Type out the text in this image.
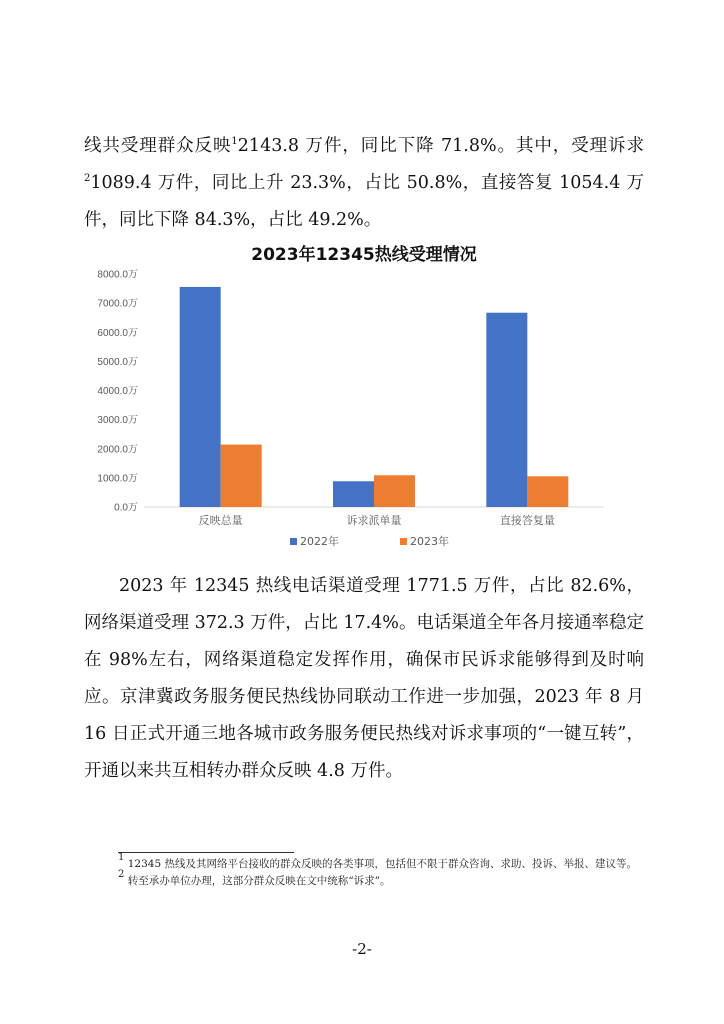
线共受理群众反映$^1$2143.8 万件，同比下降 71.8%。其中，受理诉求$^2$1089.4 万件，同比上升 23.3%，占比 50.8%，直接答复 1054.4 万件，同比下降 84.3%，占比 49.2%。

0.0万
1000.0万
2000.0万
3000.0万
4000.0万
5000.0万
6000.0万
7000.0万
8000.0万
反映总量	诉求派单量	直接答复量
2022年	2023年
2023年12345热线受理情况

2023 年 12345 热线电话渠道受理 1771.5 万件，占比 82.6%，网络渠道受理 372.3 万件，占比 17.4%。电话渠道全年各月接通率稳定在 98%左右，网络渠道稳定发挥作用，确保市民诉求能够得到及时响应。京津冀政务服务便民热线协同联动工作进一步加强，2023 年 8 月 16 日正式开通三地各城市政务服务便民热线对诉求事项的“一键互转”，开通以来共互相转办群众反映 4.8 万件。

$^1$ 12345 热线及其网络平台接收的群众反映的各类事项，包括但不限于群众咨询、求助、投诉、举报、建议等。

$^2$ 转至承办单位办理，这部分群众反映在文中统称“诉求”。

-2-
